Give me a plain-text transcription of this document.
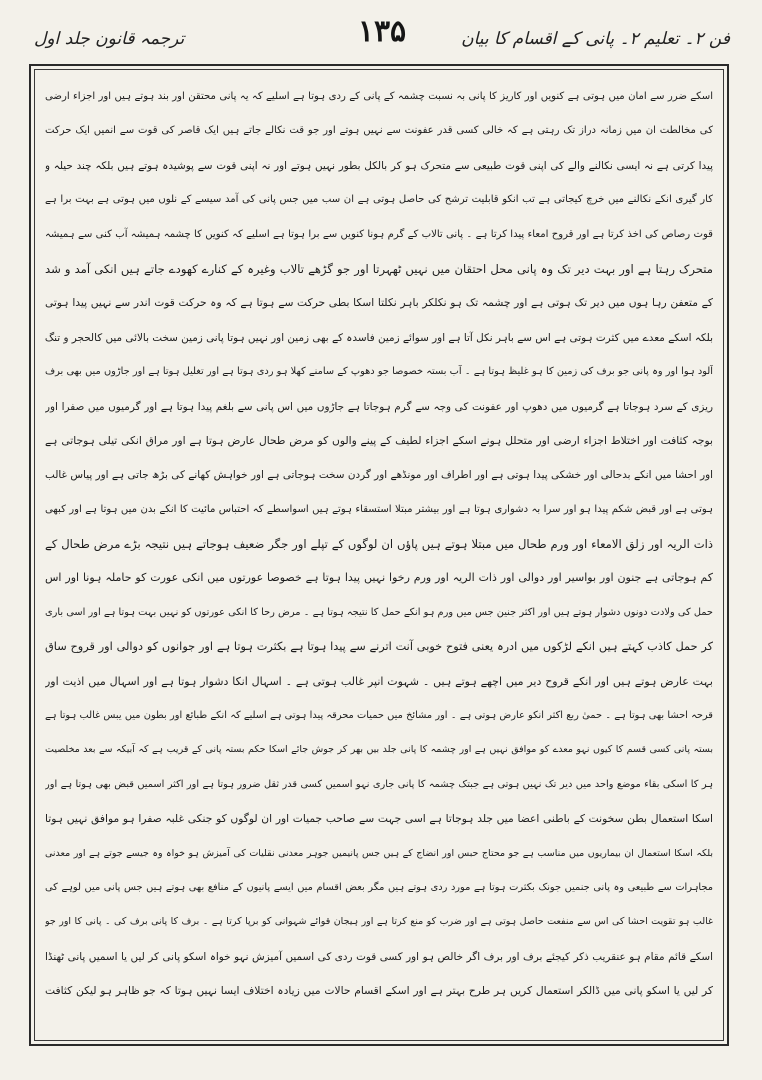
ترجمہ قانون جلد اول	۱۳۵	فن ۲۔ تعلیم ۲۔ پانی کے اقسام کا بیان
اسکے ضرر سے امان میں ہوتی ہے کنویں اور کاریز کا پانی بہ نسبت چشمہ کے پانی کے ردی ہوتا ہے اسلیے کہ یہ پانی محتقن اور بند ہوتے ہیں اور اجزاء ارضی
کی مخالطت ان میں زمانہ دراز تک رہتی ہے کہ خالی کسی قدر عفونت سے نہیں ہوتے اور جو قت نکالے جاتے ہیں ایک قاصر کی قوت سے انمیں ایک حرکت
پیدا کرتی ہے نہ ایسی نکالنے والے کی اپنی قوت طبیعی سے متحرک ہو کر بالکل بطور نہیں ہوتے اور نہ اپنی قوت سے پوشیدہ ہوتے ہیں بلکہ چند حیلہ و
کار گیری انکے نکالنے میں خرچ کیجاتی ہے تب انکو قابلیت ترشح کی حاصل ہوتی ہے ان سب میں جس پانی کی آمد سیسے کے نلوں میں ہوتی ہے بہت برا ہے
قوت رصاص کی اخذ کرتا ہے اور قروح امعاء پیدا کرتا ہے ۔ پانی تالاب کے گرم ہونا کنویں سے برا ہوتا ہے اسلیے کہ کنویں کا چشمہ ہمیشہ آب کنی سے ہمیشہ
متحرک رہتا ہے اور بہت دیر تک وہ پانی محل احتقان میں نہیں ٹھہرتا اور جو گڑھے تالاب وغیرہ کے کنارے کھودے جاتے ہیں انکی آمد و شد
کے متعفن رہا ہوں میں دیر تک ہوتی ہے اور چشمہ تک ہو نکلکر باہر نکلتا اسکا بطی حرکت سے ہوتا ہے کہ وہ حرکت قوت اندر سے نہیں پیدا ہوتی
بلکہ اسکے معدے میں کثرت ہوتی ہے اس سے باہر نکل آتا ہے اور سوائے زمین فاسدہ کے بھی زمین اور نہیں ہوتا پانی زمین سخت بالائی میں کالحجر و تنگ
آلود ہوا اور وہ پانی جو برف کی زمین کا ہو غلیظ ہوتا ہے ۔ آب بستہ خصوصا جو دھوپ کے سامنے کھلا ہو ردی ہوتا ہے اور تغلیل ہوتا ہے اور جاڑوں میں بھی برف
ریزی کے سرد ہوجاتا ہے گرمیوں میں دھوپ اور عفونت کی وجہ سے گرم ہوجاتا ہے جاڑوں میں اس پانی سے بلغم پیدا ہوتا ہے اور گرمیوں میں صفرا اور
بوجہ کثافت اور اختلاط اجزاء ارضی اور متحلل ہونے اسکے اجزاء لطیف کے پینے والوں کو مرض طحال عارض ہوتا ہے اور مراق انکی تیلی ہوجاتی ہے
اور احشا میں انکے بدحالی اور خشکی پیدا ہوتی ہے اور اطراف اور مونڈھے اور گردن سخت ہوجاتی ہے اور خواہش کھانے کی بڑھ جاتی ہے اور پیاس غالب
ہوتی ہے اور قبض شکم پیدا ہو اور سرا بہ دشواری ہوتا ہے اور بیشتر مبتلا استسقاء ہوتے ہیں اسواسطے کہ احتباس مائیت کا انکے بدن میں ہوتا ہے اور کبھی
ذات الریہ اور زلق الامعاء اور ورم طحال میں مبتلا ہوتے ہیں پاؤں ان لوگوں کے تپلے اور جگر ضعیف ہوجاتے ہیں نتیجہ بڑے مرض طحال کے
کم ہوجاتی ہے جنون اور بواسیر اور دوالی اور ذات الریہ اور ورم رخوا نہیں پیدا ہوتا ہے خصوصا عورتوں میں انکی عورت کو حاملہ ہونا اور اس
حمل کی ولادت دونوں دشوار ہوتے ہیں اور اکثر جنین جس میں ورم ہو انکے حمل کا نتیجہ ہوتا ہے ۔ مرض رحا کا انکی عورتوں کو نہیں بہت ہوتا ہے اور اسی باری
کر حمل کاذب کہتے ہیں انکے لڑکوں میں ادرہ یعنی فتوح خوبی آنت اترنے سے پیدا ہوتا ہے بکثرت ہوتا ہے اور جوانوں کو دوالی اور قروح ساق
بہت عارض ہوتے ہیں اور انکے قروح دیر میں اچھے ہوتے ہیں ۔ شہوت انپر غالب ہوتی ہے ۔ اسہال انکا دشوار ہوتا ہے اور اسہال میں اذیت اور
قرحہ احشا بھی ہوتا ہے ۔ حمیٰ ربع اکثر انکو عارض ہوتی ہے ۔ اور مشائخ میں حمیات محرقہ پیدا ہوتی ہے اسلیے کہ انکے طبائع اور بطون میں یبس غالب ہوتا ہے
بستہ پانی کسی قسم کا کیوں نہو معدے کو موافق نہیں ہے اور چشمہ کا پانی جلد بیں بھر کر جوش جائے اسکا حکم بستہ پانی کے قریب ہے کہ آبیکہ سے بعد مخلصیت
ہر کا اسکی بقاء موضع واحد میں دیر تک نہیں ہوتی ہے جبتک چشمہ کا پانی جاری نہو اسمیں کسی قدر ثقل ضرور ہوتا ہے اور اکثر اسمیں قبض بھی ہوتا ہے اور
اسکا استعمال بطن سخونت کے باطنی اعضا میں جلد ہوجاتا ہے اسی جہت سے صاحب جمیات اور ان لوگوں کو جنکی غلبہ صفرا ہو موافق نہیں ہوتا
بلکہ اسکا استعمال ان بیماریوں میں مناسب ہے جو محتاج حبس اور انضاج کے ہیں جس پانیمیں جوہر معدنی نقلیات کی آمیزش ہو خواہ وہ جیسے جوتے ہے اور معدنی
مجاہرات سے طبیعی وہ پانی جنمیں جونک بکثرت ہوتا ہے مورد ردی ہوتے ہیں مگر بعض اقسام میں ایسے پانیوں کے منافع بھی ہوتے ہیں جس پانی میں لوہے کی
غالب ہو تقویت احشا کی اس سے منفعت حاصل ہوتی ہے اور ضرب کو منع کرتا ہے اور ہیجان قوائے شہوانی کو برپا کرتا ہے ۔ برف کا پانی برف کی ۔ پانی کا اور جو
اسکے قائم مقام ہو عنقریب ذکر کیجئے برف اور برف اگر خالص ہو اور کسی قوت ردی کی اسمیں آمیزش نہو خواہ اسکو پانی کر لیں یا اسمیں پانی ٹھنڈا
کر لیں یا اسکو پانی میں ڈالکر استعمال کریں ہر طرح بہتر ہے اور اسکے اقسام حالات میں زیادہ اختلاف ایسا نہیں ہوتا کہ جو ظاہر ہو لیکن کثافت
